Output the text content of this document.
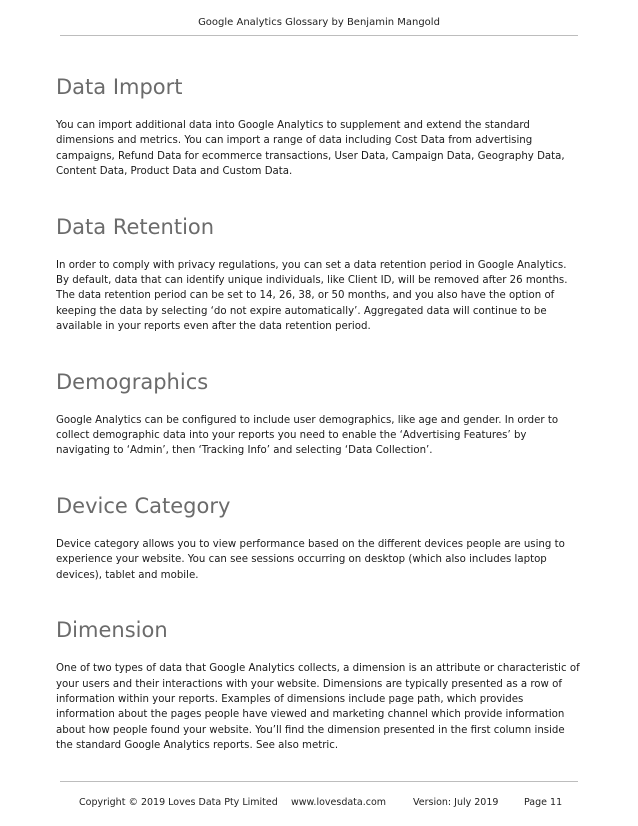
Google Analytics Glossary by Benjamin Mangold
Data Import

You can import additional data into Google Analytics to supplement and extend the standard dimensions and metrics. You can import a range of data including Cost Data from advertising campaigns, Refund Data for ecommerce transactions, User Data, Campaign Data, Geography Data, Content Data, Product Data and Custom Data.

Data Retention

In order to comply with privacy regulations, you can set a data retention period in Google Analytics. By default, data that can identify unique individuals, like Client ID, will be removed after 26 months. The data retention period can be set to 14, 26, 38, or 50 months, and you also have the option of keeping the data by selecting ‘do not expire automatically’. Aggregated data will continue to be available in your reports even after the data retention period.

Demographics

Google Analytics can be configured to include user demographics, like age and gender. In order to collect demographic data into your reports you need to enable the ‘Advertising Features’ by navigating to ‘Admin’, then ‘Tracking Info’ and selecting ‘Data Collection’.

Device Category

Device category allows you to view performance based on the different devices people are using to experience your website. You can see sessions occurring on desktop (which also includes laptop devices), tablet and mobile.

Dimension

One of two types of data that Google Analytics collects, a dimension is an attribute or characteristic of your users and their interactions with your website. Dimensions are typically presented as a row of information within your reports. Examples of dimensions include page path, which provides information about the pages people have viewed and marketing channel which provide information about how people found your website. You’ll find the dimension presented in the first column inside the standard Google Analytics reports. See also metric.

Copyright © 2019 Loves Data Pty Limited www.lovesdata.com	Version: July 2019	Page 11
